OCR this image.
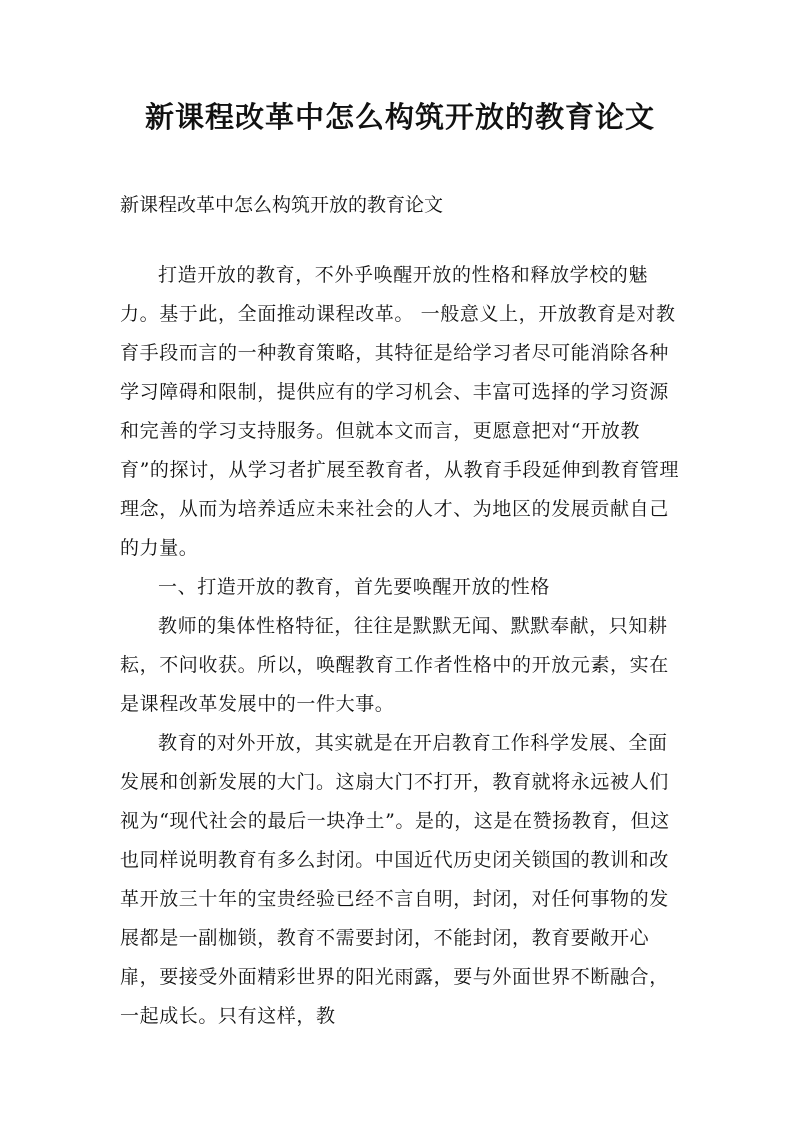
新课程改革中怎么构筑开放的教育论文

新课程改革中怎么构筑开放的教育论文

打造开放的教育，不外乎唤醒开放的性格和释放学校的魅力。基于此，全面推动课程改革。 一般意义上，开放教育是对教育手段而言的一种教育策略，其特征是给学习者尽可能消除各种学习障碍和限制，提供应有的学习机会、丰富可选择的学习资源和完善的学习支持服务。但就本文而言，更愿意把对“开放教育”的探讨，从学习者扩展至教育者，从教育手段延伸到教育管理理念，从而为培养适应未来社会的人才、为地区的发展贡献自己的力量。

一、打造开放的教育，首先要唤醒开放的性格

教师的集体性格特征，往往是默默无闻、默默奉献，只知耕耘，不问收获。所以，唤醒教育工作者性格中的开放元素，实在是课程改革发展中的一件大事。

教育的对外开放，其实就是在开启教育工作科学发展、全面发展和创新发展的大门。这扇大门不打开，教育就将永远被人们视为“现代社会的最后一块净土”。是的，这是在赞扬教育，但这也同样说明教育有多么封闭。中国近代历史闭关锁国的教训和改革开放三十年的宝贵经验已经不言自明，封闭，对任何事物的发展都是一副枷锁，教育不需要封闭，不能封闭，教育要敞开心扉，要接受外面精彩世界的阳光雨露，要与外面世界不断融合，一起成长。只有这样，教
